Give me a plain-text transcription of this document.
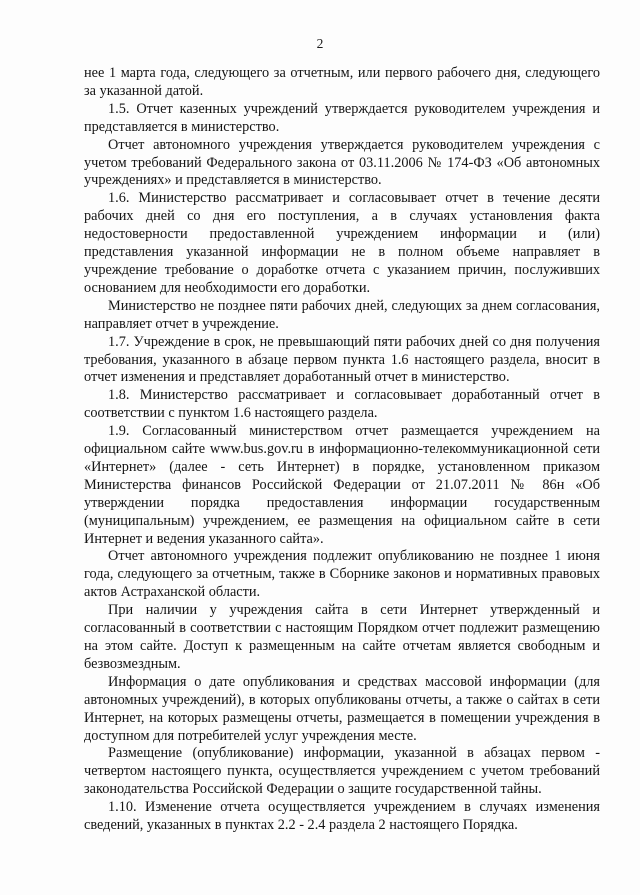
2

нее 1 марта года, следующего за отчетным, или первого рабочего дня, следующего за указанной датой.

1.5. Отчет казенных учреждений утверждается руководителем учреждения и представляется в министерство.

Отчет автономного учреждения утверждается руководителем учреждения с учетом требований Федерального закона от 03.11.2006 № 174-ФЗ «Об автономных учреждениях» и представляется в министерство.

1.6. Министерство рассматривает и согласовывает отчет в течение десяти рабочих дней со дня его поступления, а в случаях установления факта недостоверности предоставленной учреждением информации и (или) представления указанной информации не в полном объеме направляет в учреждение требование о доработке отчета с указанием причин, послуживших основанием для необходимости его доработки.

Министерство не позднее пяти рабочих дней, следующих за днем согласования, направляет отчет в учреждение.

1.7. Учреждение в срок, не превышающий пяти рабочих дней со дня получения требования, указанного в абзаце первом пункта 1.6 настоящего раздела, вносит в отчет изменения и представляет доработанный отчет в министерство.

1.8. Министерство рассматривает и согласовывает доработанный отчет в соответствии с пунктом 1.6 настоящего раздела.

1.9. Согласованный министерством отчет размещается учреждением на официальном сайте www.bus.gov.ru в информационно-телекоммуникационной сети «Интернет» (далее - сеть Интернет) в порядке, установленном приказом Министерства финансов Российской Федерации от 21.07.2011 № 86н «Об утверждении порядка предоставления информации государственным (муниципальным) учреждением, ее размещения на официальном сайте в сети Интернет и ведения указанного сайта».

Отчет автономного учреждения подлежит опубликованию не позднее 1 июня года, следующего за отчетным, также в Сборнике законов и нормативных правовых актов Астраханской области.

При наличии у учреждения сайта в сети Интернет утвержденный и согласованный в соответствии с настоящим Порядком отчет подлежит размещению на этом сайте. Доступ к размещенным на сайте отчетам является свободным и безвозмездным.

Информация о дате опубликования и средствах массовой информации (для автономных учреждений), в которых опубликованы отчеты, а также о сайтах в сети Интернет, на которых размещены отчеты, размещается в помещении учреждения в доступном для потребителей услуг учреждения месте.

Размещение (опубликование) информации, указанной в абзацах первом - четвертом настоящего пункта, осуществляется учреждением с учетом требований законодательства Российской Федерации о защите государственной тайны.

1.10. Изменение отчета осуществляется учреждением в случаях изменения сведений, указанных в пунктах 2.2 - 2.4 раздела 2 настоящего Порядка.
